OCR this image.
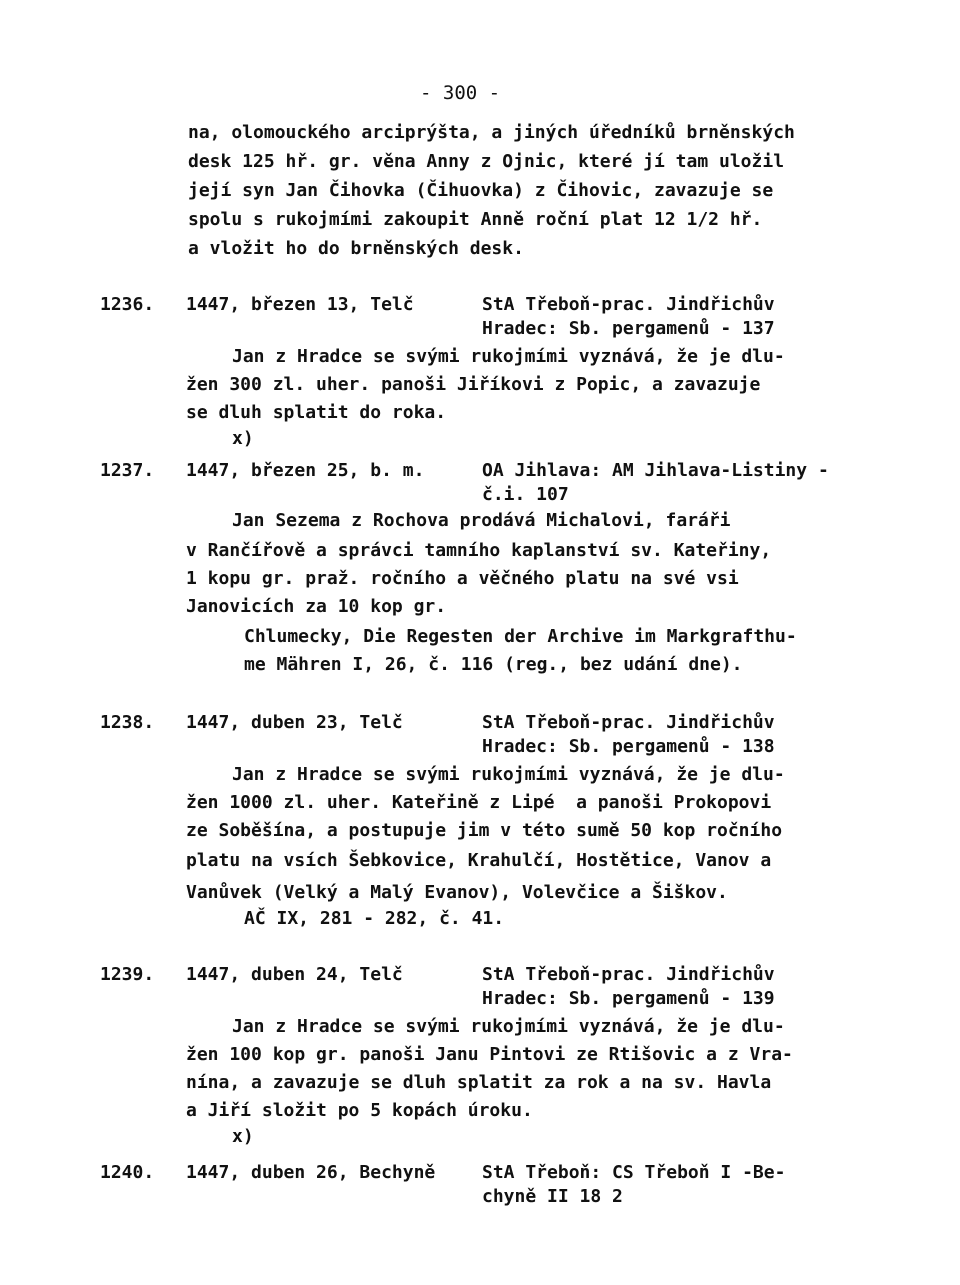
- 300 -
na, olomouckého arciprýšta, a jiných úředníků brněnských
desk 125 hř. gr. věna Anny z Ojnic, které jí tam uložil
její syn Jan Čihovka (Čihuovka) z Čihovic, zavazuje se
spolu s rukojmími zakoupit Anně roční plat 12 1/2 hř.
a vložit ho do brněnských desk.
1236. 1447, březen 13, Telč	StA Třeboň-prac. Jindřichův
Hradec: Sb. pergamenů - 137
Jan z Hradce se svými rukojmími vyznává, že je dlu-
žen 300 zl. uher. panoši Jiříkovi z Popic, a zavazuje
se dluh splatit do roka.
x)
1237. 1447, březen 25, b. m.	OA Jihlava: AM Jihlava-Listiny -
č.i. 107
Jan Sezema z Rochova prodává Michalovi, faráři
v Rančířově a správci tamního kaplanství sv. Kateřiny,
1 kopu gr. praž. ročního a věčného platu na své vsi
Janovicích za 10 kop gr.
Chlumecky, Die Regesten der Archive im Markgrafthu-
me Mähren I, 26, č. 116 (reg., bez udání dne).
1238. 1447, duben 23, Telč	StA Třeboň-prac. Jindřichův
Hradec: Sb. pergamenů - 138
Jan z Hradce se svými rukojmími vyznává, že je dlu-
žen 1000 zl. uher. Kateřině z Lipé  a panoši Prokopovi
ze Soběšína, a postupuje jim v této sumě 50 kop ročního
platu na vsích Šebkovice, Krahulčí, Hostětice, Vanov a
Vanůvek (Velký a Malý Evanov), Volevčice a Šiškov.
AČ IX, 281 - 282, č. 41.
1239. 1447, duben 24, Telč	StA Třeboň-prac. Jindřichův
Hradec: Sb. pergamenů - 139
Jan z Hradce se svými rukojmími vyznává, že je dlu-
žen 100 kop gr. panoši Janu Pintovi ze Rtišovic a z Vra-
nína, a zavazuje se dluh splatit za rok a na sv. Havla
a Jiří složit po 5 kopách úroku.
x)
1240. 1447, duben 26, Bechyně	StA Třeboň: CS Třeboň I -Be-
chyně II 18 2
